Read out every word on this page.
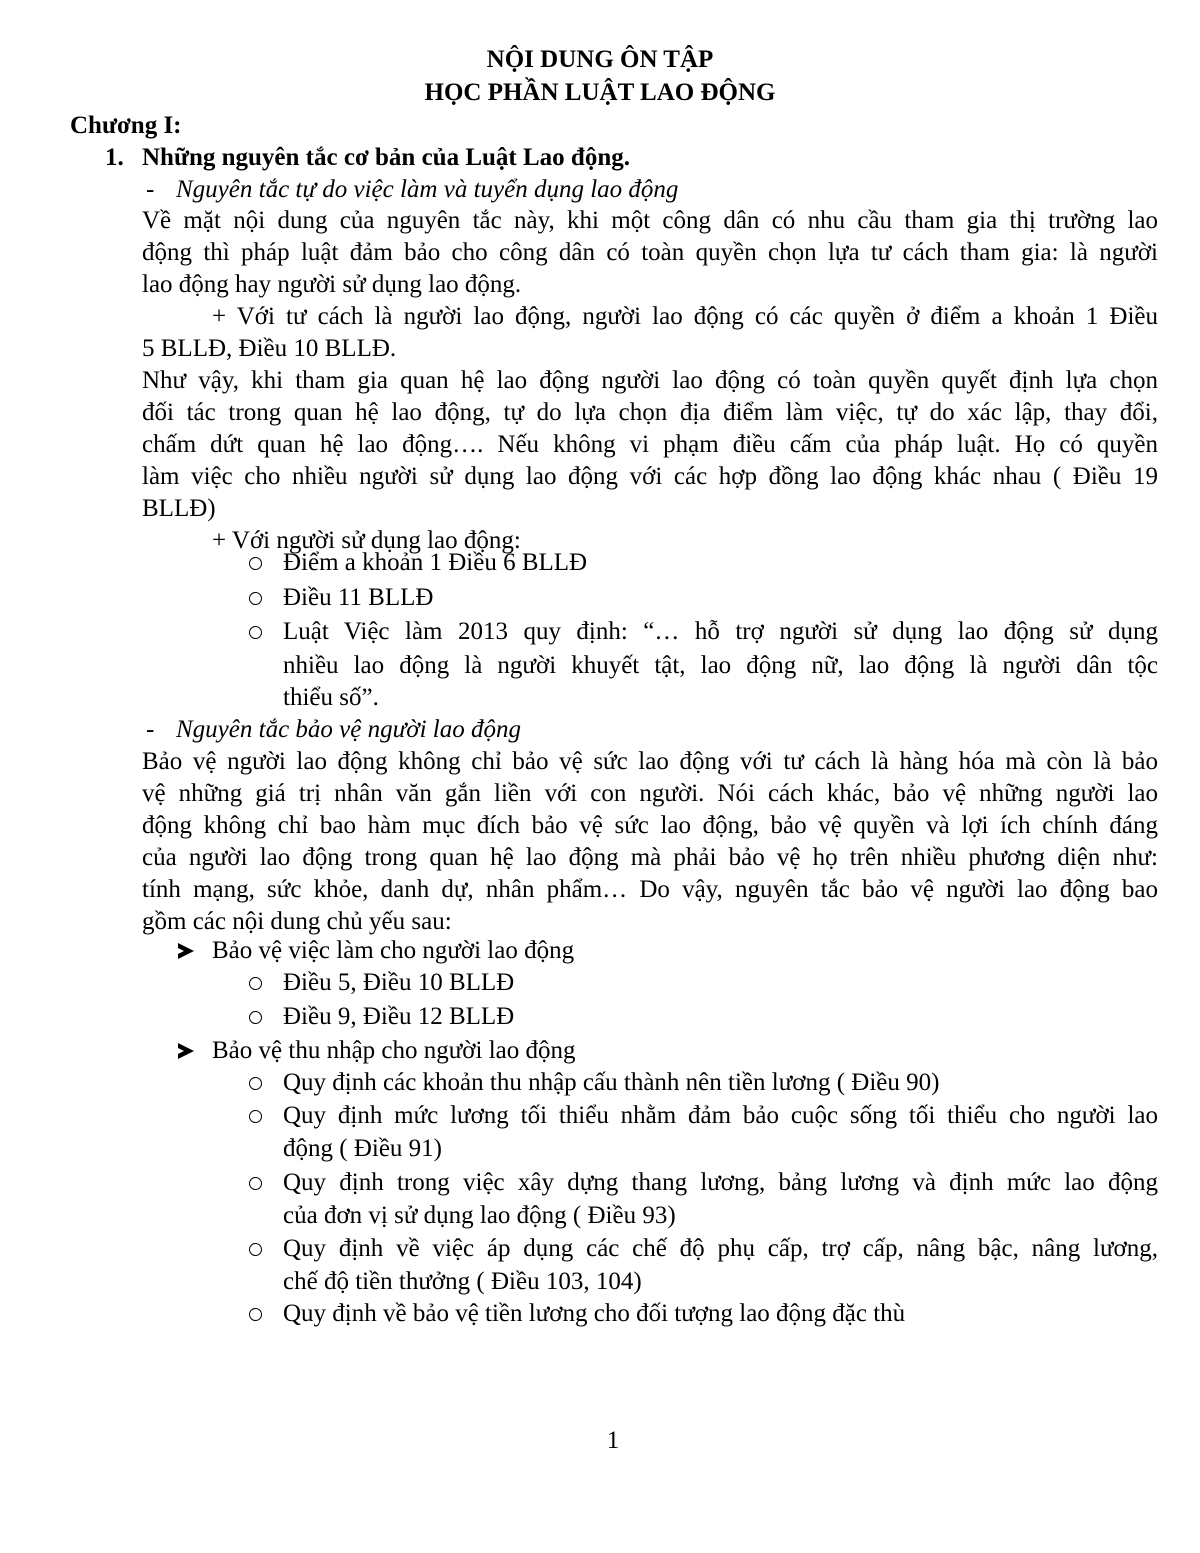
NỘI DUNG ÔN TẬP
HỌC PHẦN LUẬT LAO ĐỘNG
Chương I:
1. Những nguyên tắc cơ bản của Luật Lao động.
- Nguyên tắc tự do việc làm và tuyển dụng lao động
Về mặt nội dung của nguyên tắc này, khi một công dân có nhu cầu tham gia thị trường lao
động thì pháp luật đảm bảo cho công dân có toàn quyền chọn lựa tư cách tham gia: là người
lao động hay người sử dụng lao động.
+ Với tư cách là người lao động, người lao động có các quyền ở điểm a khoản 1 Điều
5 BLLĐ, Điều 10 BLLĐ.
Như vậy, khi tham gia quan hệ lao động người lao động có toàn quyền quyết định lựa chọn
đối tác trong quan hệ lao động, tự do lựa chọn địa điểm làm việc, tự do xác lập, thay đổi,
chấm dứt quan hệ lao động…. Nếu không vi phạm điều cấm của pháp luật. Họ có quyền
làm việc cho nhiều người sử dụng lao động với các hợp đồng lao động khác nhau ( Điều 19
BLLĐ)
+ Với người sử dụng lao động:
Điểm a khoản 1 Điều 6 BLLĐ
Điều 11 BLLĐ
Luật Việc làm 2013 quy định: “… hỗ trợ người sử dụng lao động sử dụng
nhiều lao động là người khuyết tật, lao động nữ, lao động là người dân tộc
thiểu số”.
- Nguyên tắc bảo vệ người lao động
Bảo vệ người lao động không chỉ bảo vệ sức lao động với tư cách là hàng hóa mà còn là bảo
vệ những giá trị nhân văn gắn liền với con người. Nói cách khác, bảo vệ những người lao
động không chỉ bao hàm mục đích bảo vệ sức lao động, bảo vệ quyền và lợi ích chính đáng
của người lao động trong quan hệ lao động mà phải bảo vệ họ trên nhiều phương diện như:
tính mạng, sức khỏe, danh dự, nhân phẩm… Do vậy, nguyên tắc bảo vệ người lao động bao
gồm các nội dung chủ yếu sau:
Bảo vệ việc làm cho người lao động
Điều 5, Điều 10 BLLĐ
Điều 9, Điều 12 BLLĐ
Bảo vệ thu nhập cho người lao động
Quy định các khoản thu nhập cấu thành nên tiền lương ( Điều 90)
Quy định mức lương tối thiểu nhằm đảm bảo cuộc sống tối thiểu cho người lao
động ( Điều 91)
Quy định trong việc xây dựng thang lương, bảng lương và định mức lao động
của đơn vị sử dụng lao động ( Điều 93)
Quy định về việc áp dụng các chế độ phụ cấp, trợ cấp, nâng bậc, nâng lương,
chế độ tiền thưởng ( Điều 103, 104)
Quy định về bảo vệ tiền lương cho đối tượng lao động đặc thù
1
